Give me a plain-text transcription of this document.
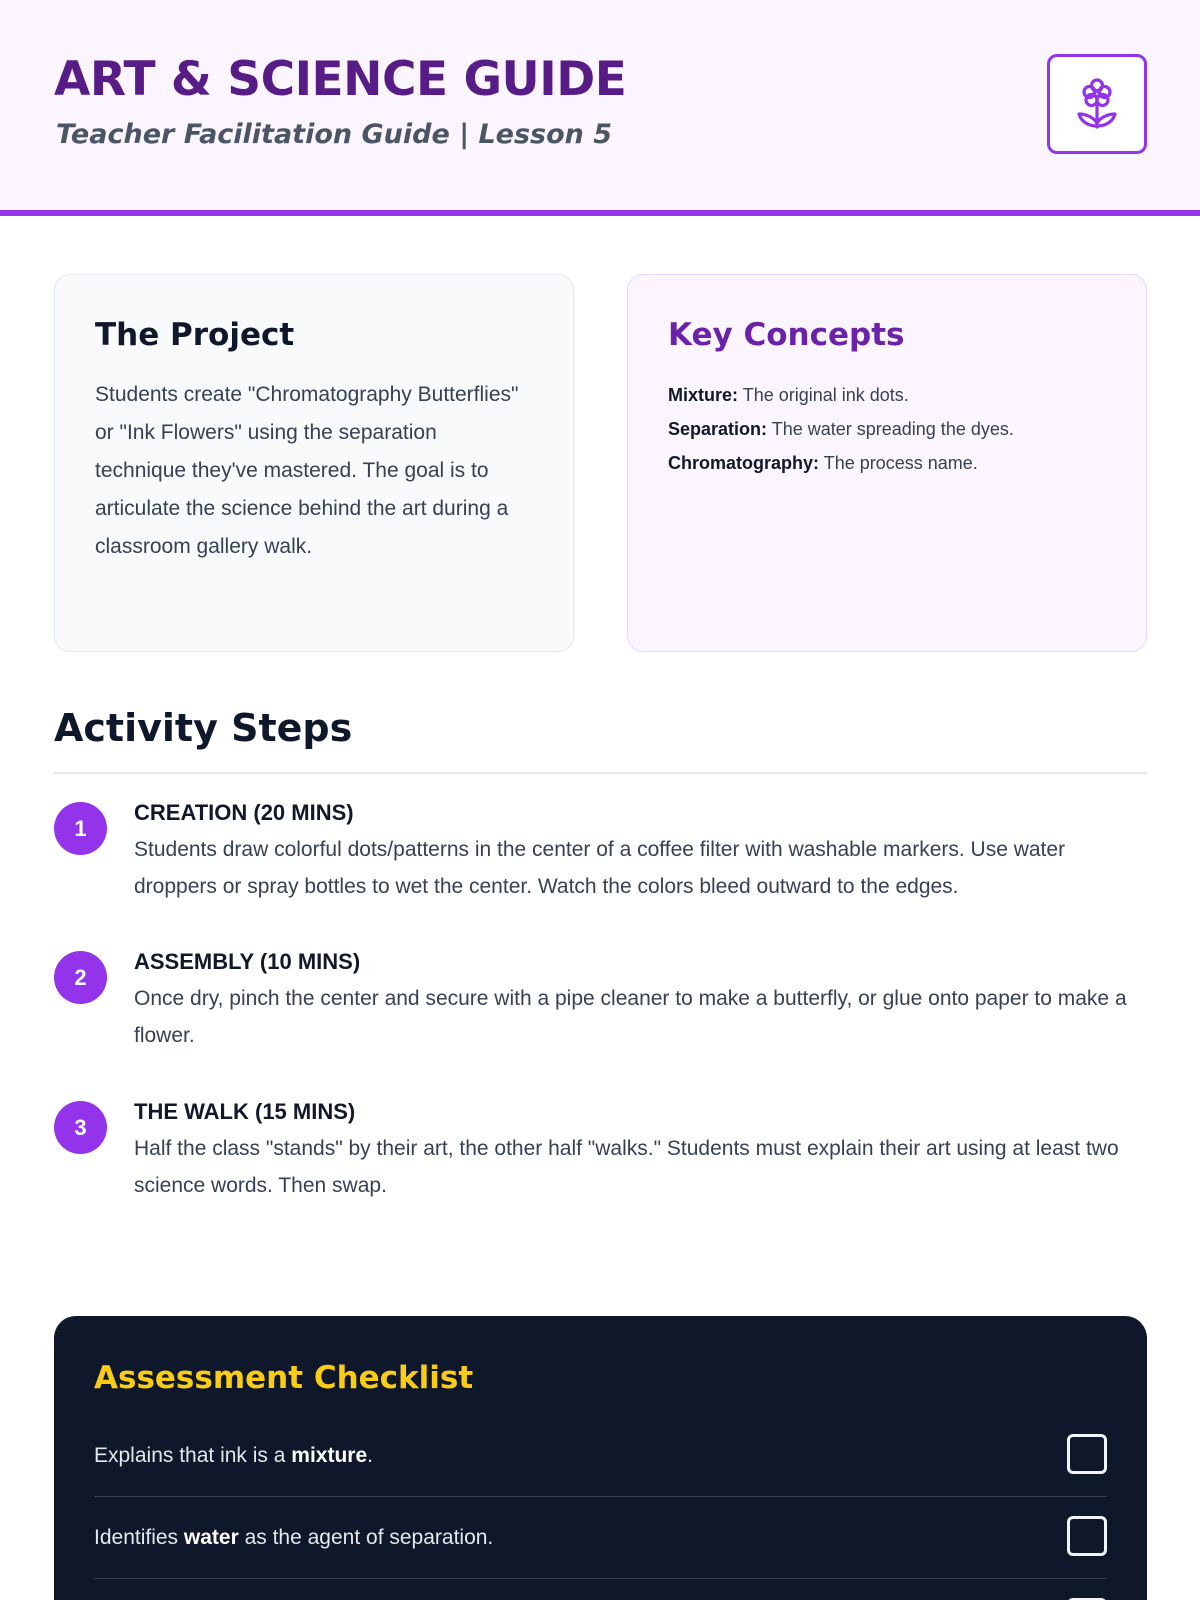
ART & SCIENCE GUIDE
Teacher Facilitation Guide | Lesson 5
The Project

Students create "Chromatography Butterflies" or "Ink Flowers" using the separation technique they've mastered. The goal is to articulate the science behind the art during a classroom gallery walk.

Key Concepts
Mixture: The original ink dots.
Separation: The water spreading the dyes.
Chromatography: The process name.
Activity Steps
1
CREATION (20 MINS)
Students draw colorful dots/patterns in the center of a coffee filter with washable markers. Use water droppers or spray bottles to wet the center. Watch the colors bleed outward to the edges.
2
ASSEMBLY (10 MINS)
Once dry, pinch the center and secure with a pipe cleaner to make a butterfly, or glue onto paper to make a flower.
3
THE WALK (15 MINS)
Half the class "stands" by their art, the other half "walks." Students must explain their art using at least two science words. Then swap.
Assessment Checklist
Explains that ink is a mixture.
Identifies water as the agent of separation.
